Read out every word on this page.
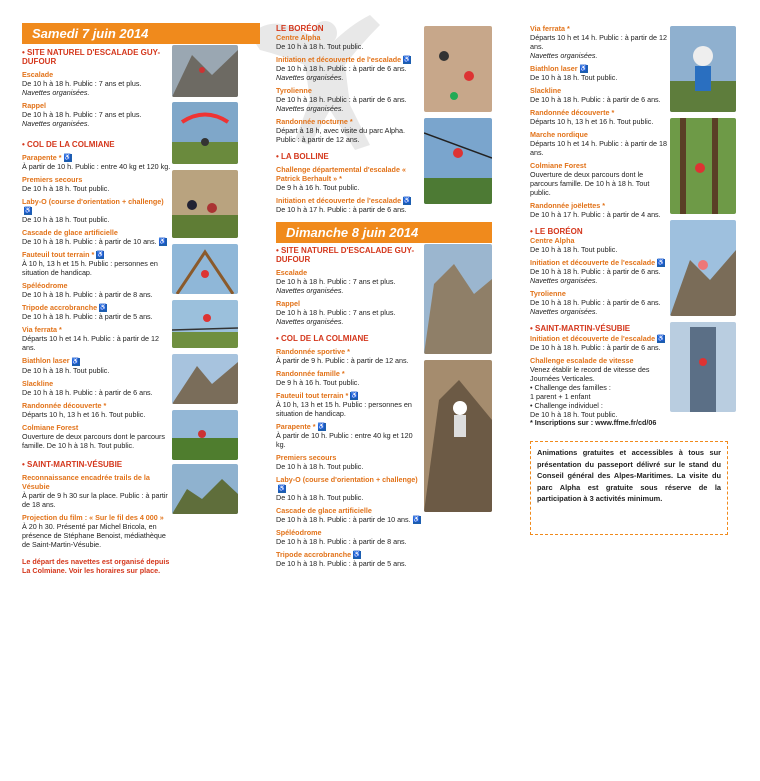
Samedi 7 juin 2014
Dimanche 8 juin 2014
• SITE NATUREL D'ESCALADE GUY-DUFOUR
Escalade
De 10 h à 18 h. Public : 7 ans et plus.
Navettes organisées.
Rappel
De 10 h à 18 h. Public : 7 ans et plus.
Navettes organisées.
• COL DE LA COLMIANE
Parapente * ♿
À partir de 10 h. Public : entre 40 kg et 120 kg.
Premiers secours
De 10 h à 18 h. Tout public.
Laby-O (course d'orientation + challenge)♿
De 10 h à 18 h. Tout public.
Cascade de glace artificielle
De 10 h à 18 h. Public : à partir de 10 ans. ♿
Fauteuil tout terrain * ♿
À 10 h, 13 h et 15 h. Public : personnes en situation de handicap.
Spéléodrome
De 10 h à 18 h. Public : à partir de 8 ans.
Tripode accrobranche ♿
De 10 h à 18 h. Public : à partir de 5 ans.
Via ferrata *
Départs 10 h et 14 h. Public : à partir de 12 ans.
Biathlon laser ♿
De 10 h à 18 h. Tout public.
Slackline
De 10 h à 18 h. Public : à partir de 6 ans.
Randonnée découverte *
Départs 10 h, 13 h et 16 h. Tout public.
Colmiane Forest
Ouverture de deux parcours dont le parcours famille. De 10 h à 18 h. Tout public.
• SAINT-MARTIN-VÉSUBIE
Reconnaissance encadrée trails de la Vésubie
À partir de 9 h 30 sur la place. Public : à partir de 18 ans.
Projection du film : « Sur le fil des 4 000 »
À 20 h 30. Présenté par Michel Bricola, en présence de Stéphane Benoist, médiathèque de Saint-Martin-Vésubie.
Le départ des navettes est organisé depuis La Colmiane. Voir les horaires sur place.
LE BORÉON
Centre Alpha
De 10 h à 18 h. Tout public.
Initiation et découverte de l'escalade ♿
De 10 h à 18 h. Public : à partir de 6 ans.
Navettes organisées.
Tyrolienne
De 10 h à 18 h. Public : à partir de 6 ans.
Navettes organisées.
Randonnée nocturne *
Départ à 18 h, avec visite du parc Alpha. Public : à partir de 12 ans.
• LA BOLLINE
Challenge départemental d'escalade « Patrick Berhault » *
De 9 h à 16 h. Tout public.
Initiation et découverte de l'escalade ♿
De 10 h à 17 h. Public : à partir de 6 ans.
• SITE NATUREL D'ESCALADE GUY-DUFOUR
Escalade
De 10 h à 18 h. Public : 7 ans et plus.
Navettes organisées.
Rappel
De 10 h à 18 h. Public : 7 ans et plus.
Navettes organisées.
• COL DE LA COLMIANE
Randonnée sportive *
À partir de 9 h. Public : à partir de 12 ans.
Randonnée famille *
De 9 h à 16 h. Tout public.
Fauteuil tout terrain * ♿
À 10 h, 13 h et 15 h. Public : personnes en situation de handicap.
Parapente * ♿
À partir de 10 h. Public : entre 40 kg et 120 kg.
Premiers secours
De 10 h à 18 h. Tout public.
Laby-O (course d'orientation + challenge)♿
De 10 h à 18 h. Tout public.
Cascade de glace artificielle
De 10 h à 18 h. Public : à partir de 10 ans. ♿
Spéléodrome
De 10 h à 18 h. Public : à partir de 8 ans.
Tripode accrobranche ♿
De 10 h à 18 h. Public : à partir de 5 ans.
Via ferrata *
Départs 10 h et 14 h. Public : à partir de 12 ans.
Navettes organisées.
Biathlon laser ♿
De 10 h à 18 h. Tout public.
Slackline
De 10 h à 18 h. Public : à partir de 6 ans.
Randonnée découverte *
Départs 10 h, 13 h et 16 h. Tout public.
Marche nordique
Départs 10 h et 14 h. Public : à partir de 18 ans.
Colmiane Forest
Ouverture de deux parcours dont le parcours famille. De 10 h à 18 h. Tout public.
Randonnée joëlettes *
De 10 h à 17 h. Public : à partir de 4 ans.
• LE BORÉON
Centre Alpha
De 10 h à 18 h. Tout public.
Initiation et découverte de l'escalade ♿
De 10 h à 18 h. Public : à partir de 6 ans.
Navettes organisées.
Tyrolienne
De 10 h à 18 h. Public : à partir de 6 ans.
Navettes organisées.
• SAINT-MARTIN-VÉSUBIE
Initiation et découverte de l'escalade ♿
De 10 h à 18 h. Public : à partir de 6 ans.
Challenge escalade de vitesse
Venez établir le record de vitesse des Journées Verticales.
• Challenge des familles :
1 parent + 1 enfant
• Challenge individuel :
De 10 h à 18 h. Tout public.
* Inscriptions sur : www.ffme.fr/cd/06
Animations gratuites et accessibles à tous sur présentation du passeport délivré sur le stand du Conseil général des Alpes-Maritimes. La visite du parc Alpha est gratuite sous réserve de la participation à 3 activités minimum.
